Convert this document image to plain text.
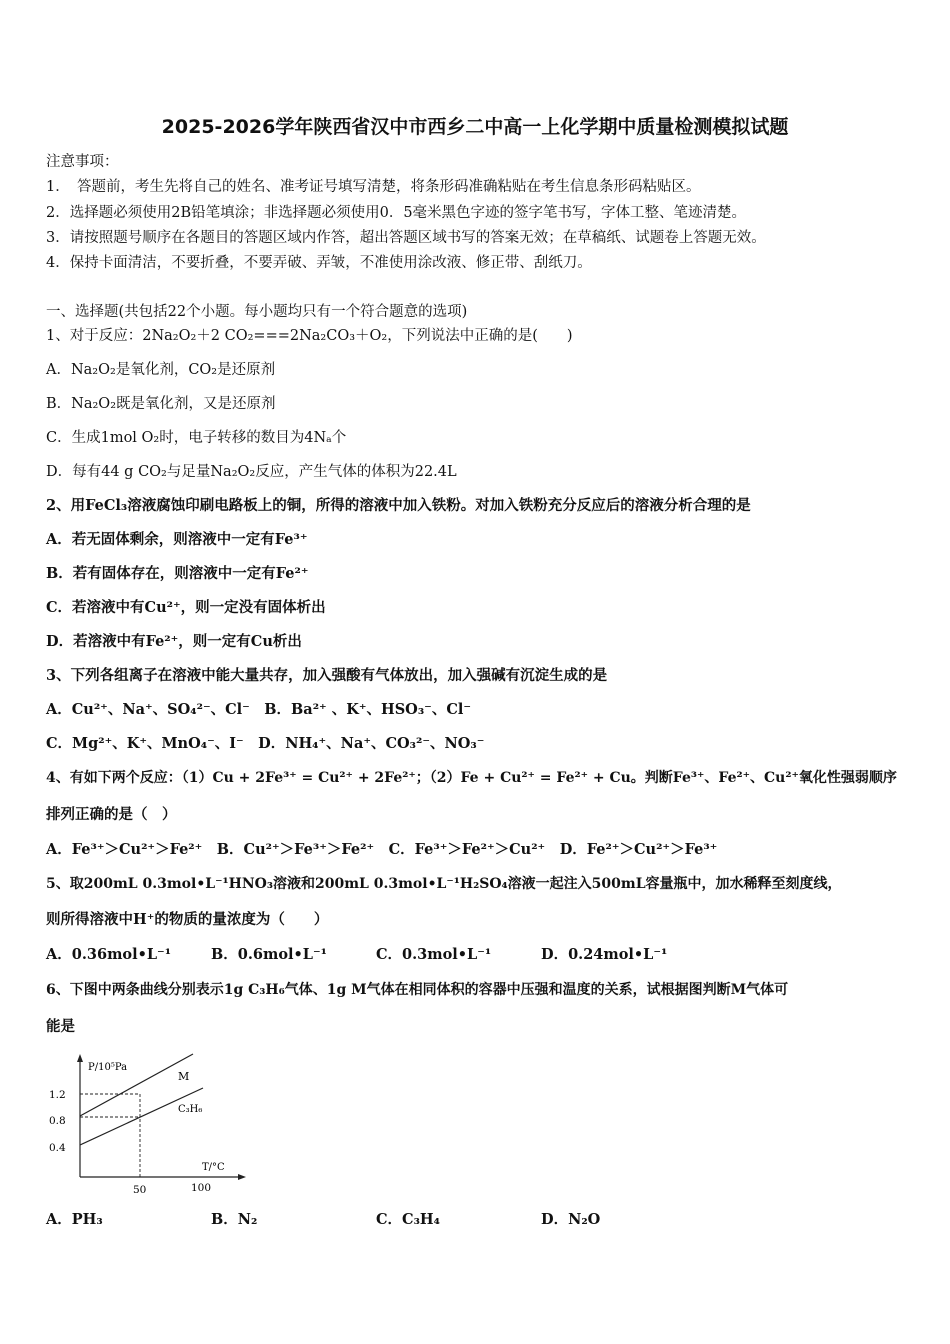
2025-2026学年陕西省汉中市西乡二中高一上化学期中质量检测模拟试题
注意事项：
1．　答题前，考生先将自己的姓名、准考证号填写清楚，将条形码准确粘贴在考生信息条形码粘贴区。
2．选择题必须使用2B铅笔填涂；非选择题必须使用0．5毫米黑色字迹的签字笔书写，字体工整、笔迹清楚。
3．请按照题号顺序在各题目的答题区域内作答，超出答题区域书写的答案无效；在草稿纸、试题卷上答题无效。
4．保持卡面清洁，不要折叠，不要弄破、弄皱，不准使用涂改液、修正带、刮纸刀。
一、选择题(共包括22个小题。每小题均只有一个符合题意的选项)
1、对于反应：2Na₂O₂＋2 CO₂===2Na₂CO₃＋O₂，下列说法中正确的是(　　)
A．Na₂O₂是氧化剂，CO₂是还原剂
B．Na₂O₂既是氧化剂，又是还原剂
C．生成1mol O₂时，电子转移的数目为4Nₐ个
D．每有44 g CO₂与足量Na₂O₂反应，产生气体的体积为22.4L
2、用FeCl₃溶液腐蚀印刷电路板上的铜，所得的溶液中加入铁粉。对加入铁粉充分反应后的溶液分析合理的是
A．若无固体剩余，则溶液中一定有Fe³⁺
B．若有固体存在，则溶液中一定有Fe²⁺
C．若溶液中有Cu²⁺，则一定没有固体析出
D．若溶液中有Fe²⁺，则一定有Cu析出
3、下列各组离子在溶液中能大量共存，加入强酸有气体放出，加入强碱有沉淀生成的是
A．Cu²⁺、Na⁺、SO₄²⁻、Cl⁻　B．Ba²⁺ 、K⁺、HSO₃⁻、Cl⁻
C．Mg²⁺、K⁺、MnO₄⁻、I⁻　D．NH₄⁺、Na⁺、CO₃²⁻、NO₃⁻
4、有如下两个反应：（1）Cu + 2Fe³⁺ = Cu²⁺ + 2Fe²⁺；（2）Fe + Cu²⁺ = Fe²⁺ + Cu。判断Fe³⁺、Fe²⁺、Cu²⁺氧化性强弱顺序
排列正确的是（　）
A．Fe³⁺＞Cu²⁺＞Fe²⁺　B．Cu²⁺＞Fe³⁺＞Fe²⁺　C．Fe³⁺＞Fe²⁺＞Cu²⁺　D．Fe²⁺＞Cu²⁺＞Fe³⁺
5、取200mL 0.3mol•L⁻¹HNO₃溶液和200mL 0.3mol•L⁻¹H₂SO₄溶液一起注入500mL容量瓶中，加水稀释至刻度线，
则所得溶液中H⁺的物质的量浓度为（　　）
A．0.36mol•L⁻¹	B．0.6mol•L⁻¹	C．0.3mol•L⁻¹	D．0.24mol•L⁻¹
6、下图中两条曲线分别表示1g C₃H₆气体、1g M气体在相同体积的容器中压强和温度的关系，试根据图判断M气体可
能是
P/10⁵Pa
T/°C
1.2
0.8
0.4
50	100
M
C₃H₆
A．PH₃	B．N₂	C．C₃H₄	D．N₂O
